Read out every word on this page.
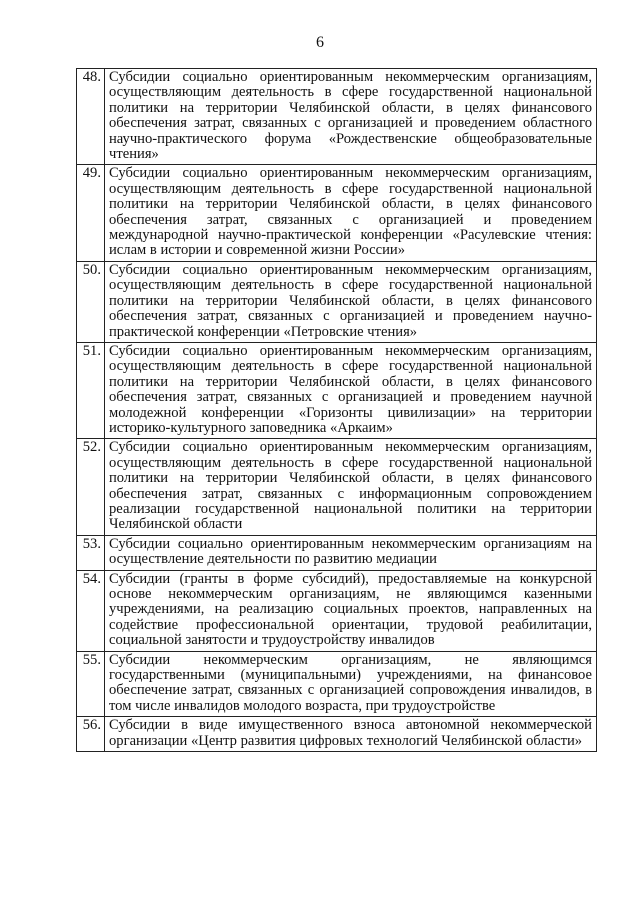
6
48.	Субсидии социально ориентированным некоммерческим организациям, осуществляющим деятельность в сфере государственной национальной политики на территории Челябинской области, в целях финансового обеспечения затрат, связанных с организацией и проведением областного научно-практического форума «Рождественские общеобразовательные чтения»
49.	Субсидии социально ориентированным некоммерческим организациям, осуществляющим деятельность в сфере государственной национальной политики на территории Челябинской области, в целях финансового обеспечения затрат, связанных с организацией и проведением международной научно-практической конференции «Расулевские чтения: ислам в истории и современной жизни России»
50.	Субсидии социально ориентированным некоммерческим организациям, осуществляющим деятельность в сфере государственной национальной политики на территории Челябинской области, в целях финансового обеспечения затрат, связанных с организацией и проведением научно-практической конференции «Петровские чтения»
51.	Субсидии социально ориентированным некоммерческим организациям, осуществляющим деятельность в сфере государственной национальной политики на территории Челябинской области, в целях финансового обеспечения затрат, связанных с организацией и проведением научной молодежной конференции «Горизонты цивилизации» на территории историко-культурного заповедника «Аркаим»
52.	Субсидии социально ориентированным некоммерческим организациям, осуществляющим деятельность в сфере государственной национальной политики на территории Челябинской области, в целях финансового обеспечения затрат, связанных с информационным сопровождением реализации государственной национальной политики на территории Челябинской области
53.	Субсидии социально ориентированным некоммерческим организациям на осуществление деятельности по развитию медиации
54.	Субсидии (гранты в форме субсидий), предоставляемые на конкурсной основе некоммерческим организациям, не являющимся казенными учреждениями, на реализацию социальных проектов, направленных на содействие профессиональной ориентации, трудовой реабилитации, социальной занятости и трудоустройству инвалидов
55.	Субсидии некоммерческим организациям, не являющимся государственными (муниципальными) учреждениями, на финансовое обеспечение затрат, связанных с организацией сопровождения инвалидов, в том числе инвалидов молодого возраста, при трудоустройстве
56.	Субсидии в виде имущественного взноса автономной некоммерческой организации «Центр развития цифровых технологий Челябинской области»
